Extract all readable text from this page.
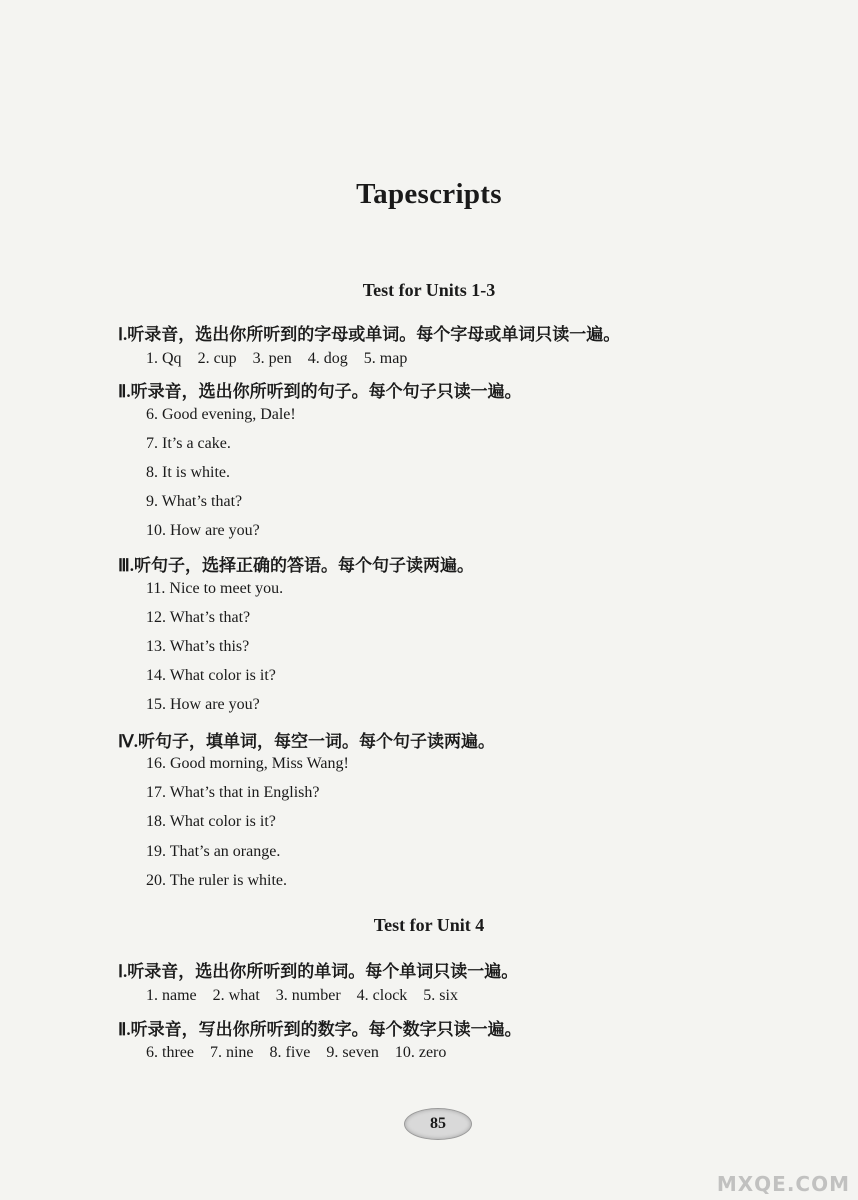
Tapescripts
Test for Units 1-3
Ⅰ.听录音，选出你所听到的字母或单词。每个字母或单词只读一遍。
1. Qq 2. cup 3. pen 4. dog 5. map
Ⅱ.听录音，选出你所听到的句子。每个句子只读一遍。
6. Good evening, Dale!
7. It’s a cake.
8. It is white.
9. What’s that?
10. How are you?
Ⅲ.听句子，选择正确的答语。每个句子读两遍。
11. Nice to meet you.
12. What’s that?
13. What’s this?
14. What color is it?
15. How are you?
Ⅳ.听句子，填单词，每空一词。每个句子读两遍。
16. Good morning, Miss Wang!
17. What’s that in English?
18. What color is it?
19. That’s an orange.
20. The ruler is white.
Test for Unit 4
Ⅰ.听录音，选出你所听到的单词。每个单词只读一遍。
1. name 2. what 3. number 4. clock 5. six
Ⅱ.听录音，写出你所听到的数字。每个数字只读一遍。
6. three 7. nine 8. five 9. seven 10. zero
85
MXQE.COM
